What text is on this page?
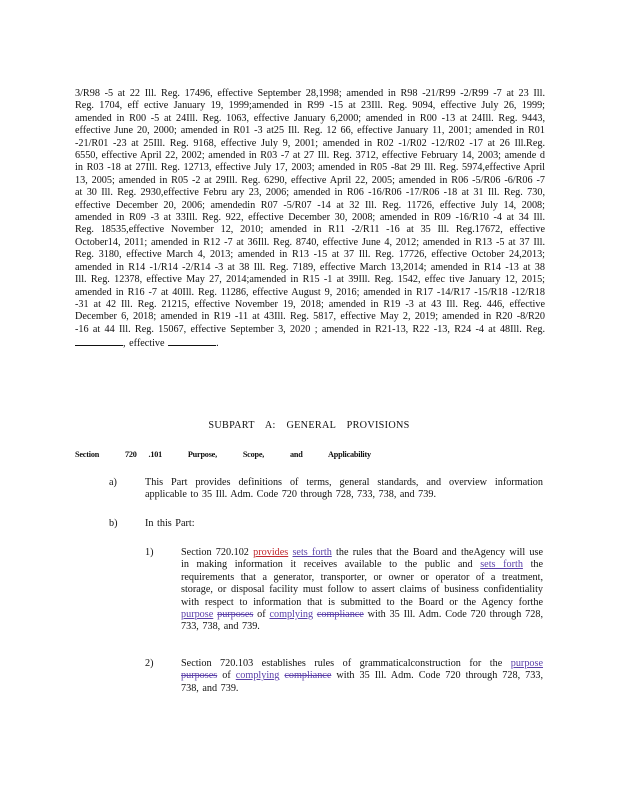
3/R98 -5 at 22 Ill. Reg. 17496, effective September 28,1998; amended in R98 -21/R99 -2/R99 -7 at 23 Ill. Reg. 1704, eff ective January 19, 1999;amended in R99 -15 at 23Ill. Reg. 9094, effective July 26, 1999; amended in R00 -5 at 24Ill. Reg. 1063, effective January 6,2000; amended in R00 -13 at 24Ill. Reg. 9443, effective June 20, 2000; amended in R01 -3 at25 Ill. Reg. 12 66, effective January 11, 2001; amended in R01 -21/R01 -23 at 25Ill. Reg. 9168, effective July 9, 2001; amended in R02 -1/R02 -12/R02 -17 at 26 Ill.Reg. 6550, effective April 22, 2002; amended in R03 -7 at 27 Ill. Reg. 3712, effective February 14, 2003; amende d in R03 -18 at 27Ill. Reg. 12713, effective July 17, 2003; amended in R05 -8at 29 Ill. Reg. 5974,effective April 13, 2005; amended in R05 -2 at 29Ill. Reg. 6290, effective April 22, 2005; amended in R06 -5/R06 -6/R06 -7 at 30 Ill. Reg. 2930,effective Febru ary 23, 2006; amended in R06 -16/R06 -17/R06 -18 at 31 Ill. Reg. 730, effective December 20, 2006; amendedin R07 -5/R07 -14 at 32 Ill. Reg. 11726, effective July 14, 2008; amended in R09 -3 at 33Ill. Reg. 922, effective December 30, 2008; amended in R09 -16/R10 -4 at 34 Ill. Reg. 18535,effective November 12, 2010; amended in R11 -2/R11 -16 at 35 Ill. Reg.17672, effective October14, 2011; amended in R12 -7 at 36Ill. Reg. 8740, effective June 4, 2012; amended in R13 -5 at 37 Ill. Reg. 3180, effective March 4, 2013; amended in R13 -15 at 37 Ill. Reg. 17726, effective October 24,2013; amended in R14 -1/R14 -2/R14 -3 at 38 Ill. Reg. 7189, effective March 13,2014; amended in R14 -13 at 38 Ill. Reg. 12378, effective May 27, 2014;amended in R15 -1 at 39Ill. Reg. 1542, effec tive January 12, 2015; amended in R16 -7 at 40Ill. Reg. 11286, effective August 9, 2016; amended in R17 -14/R17 -15/R18 -12/R18 -31 at 42 Ill. Reg. 21215, effective November 19, 2018; amended in R19 -3 at 43 Ill. Reg. 446, effective December 6, 2018; amended in R19 -11 at 43Ill. Reg. 5817, effective May 2, 2019; amended in R20 -8/R20 -16 at 44 Ill. Reg. 15067, effective September 3, 2020 ; amended in R21-13, R22 -13, R24 -4 at 48Ill. Reg. , effective	.
SUBPART A: GENERAL PROVISIONS
Section	720 .101	Purpose,	Scope,	and	Applicability
a)	This Part provides definitions of terms, general standards, and overview information applicable to 35 Ill. Adm. Code 720 through 728, 733, 738, and 739.
b)	In this Part:
1)	Section 720.102 provides sets forth the rules that the Board and theAgency will use in making information it receives available to the public and sets forth the requirements that a generator, transporter, or owner or operator of a treatment, storage, or disposal facility must follow to assert claims of business confidentiality with respect to information that is submitted to the Board or the Agency forthe purpose purposes of complying compliance with 35 Ill. Adm. Code 720 through 728, 733, 738, and 739.
2)	Section 720.103 establishes rules of grammaticalconstruction for the purpose purposes of complying compliance with 35 Ill. Adm. Code 720 through 728, 733, 738, and 739.
